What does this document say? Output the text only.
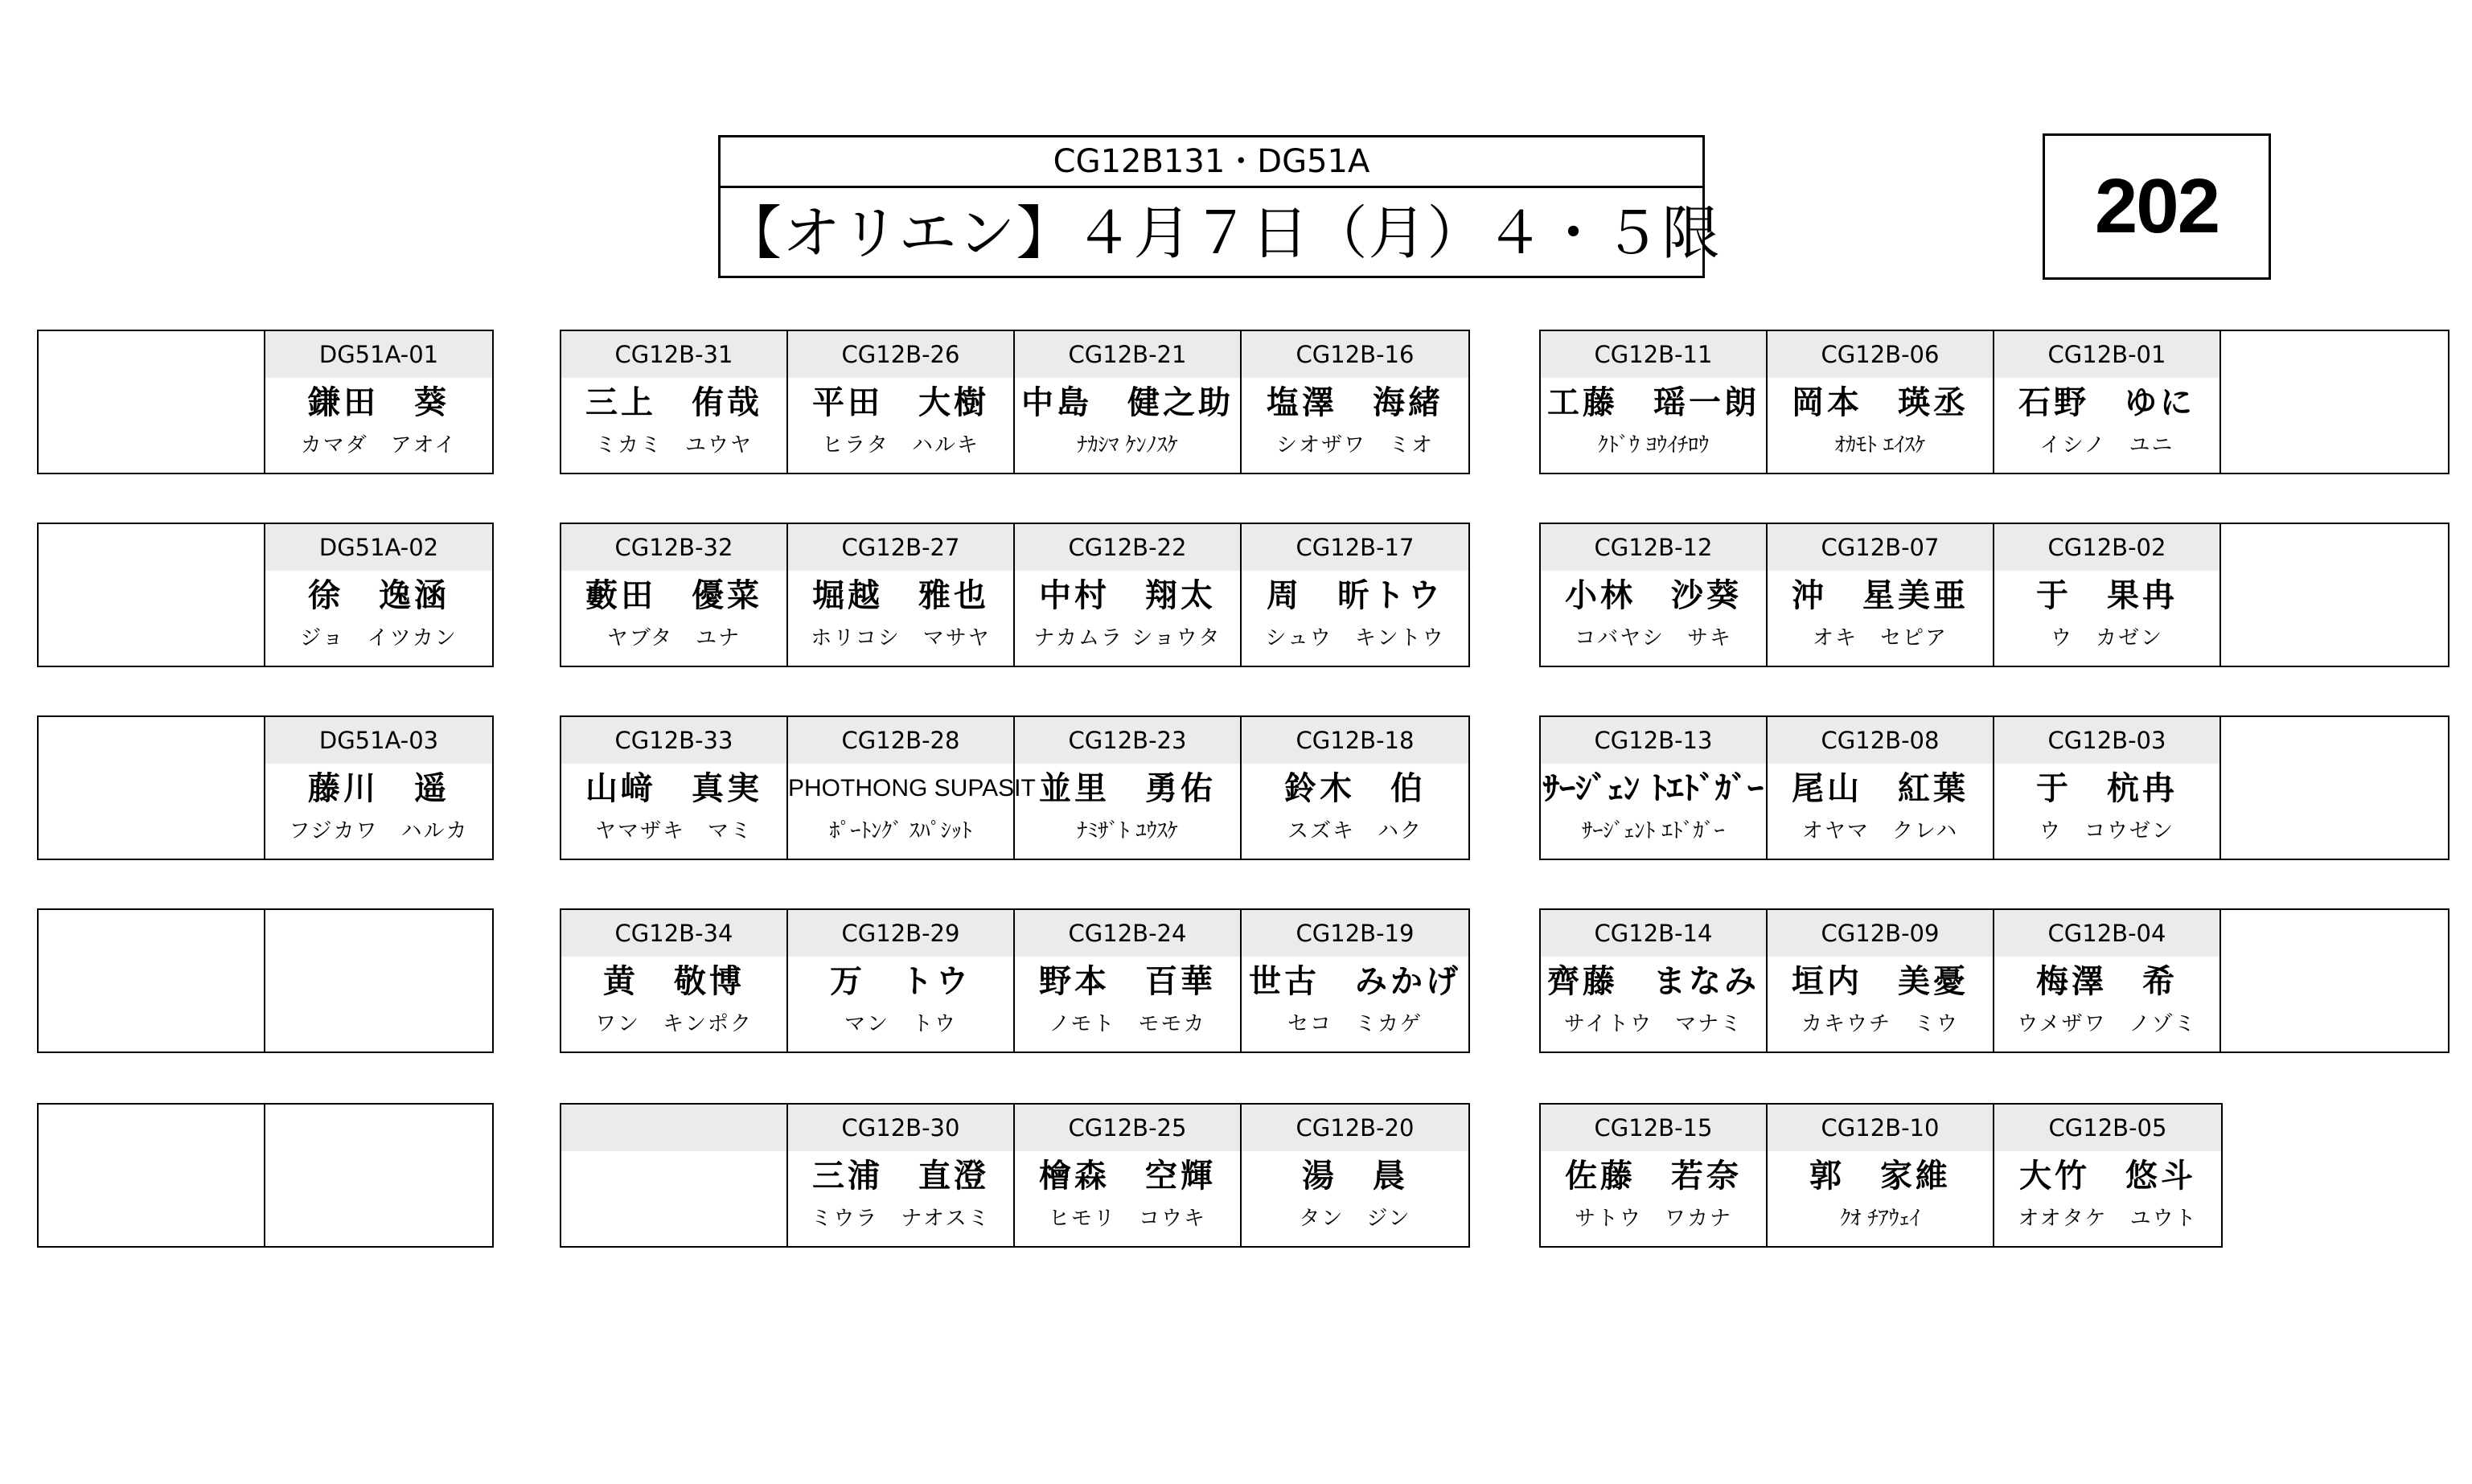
CG12B131・DG51A
【オリエン】４月７日（月）４・５限	202
DG51A-01
鎌田　葵
カマダ　アオイ
CG12B-31
三上　侑哉
ミカミ　ユウヤ
CG12B-26
平田　大樹
ヒラタ　ハルキ
CG12B-21
中島　健之助
ﾅｶｼﾏ ｹﾝﾉｽｹ
CG12B-16
塩澤　海緒
シオザワ　ミオ
CG12B-11
工藤　瑶一朗
ｸﾄﾞｳ ﾖｳｲﾁﾛｳ
CG12B-06
岡本　瑛丞
ｵｶﾓﾄ ｴｲｽｹ
CG12B-01
石野　ゆに
イシノ　ユニ
DG51A-02
徐　逸涵
ジョ　イツカン
CG12B-32
藪田　優菜
ヤブタ　ユナ
CG12B-27
堀越　雅也
ホリコシ　マサヤ
CG12B-22
中村　翔太
ナカムラ ショウタ
CG12B-17
周　昕トウ
シュウ　キントウ
CG12B-12
小林　沙葵
コバヤシ　サキ
CG12B-07
沖　星美亜
オキ　セピア
CG12B-02
于　果冉
ウ　カゼン
DG51A-03
藤川　遥
フジカワ　ハルカ
CG12B-33
山﨑　真実
ヤマザキ　マミ
CG12B-28
PHOTHONG SUPASIT
ﾎﾟｰﾄﾝｸﾞ ｽﾊﾟｼｯﾄ
CG12B-23
並里　勇佑
ﾅﾐｻﾞﾄ ﾕｳｽｹ
CG12B-18
鈴木　伯
スズキ　ハク
CG12B-13
ｻｰｼﾞｪﾝ ﾄｴﾄﾞｶﾞｰ
ｻｰｼﾞｪﾝﾄ ｴﾄﾞｶﾞｰ
CG12B-08
尾山　紅葉
オヤマ　クレハ
CG12B-03
于　杭冉
ウ　コウゼン
CG12B-34
黄　敬博
ワン　キンポク
CG12B-29
万　トウ
マン　トウ
CG12B-24
野本　百華
ノモト　モモカ
CG12B-19
世古　みかげ
セコ　ミカゲ
CG12B-14
齊藤　まなみ
サイトウ　マナミ
CG12B-09
垣内　美憂
カキウチ　ミウ
CG12B-04
梅澤　希
ウメザワ　ノゾミ
CG12B-30
三浦　直澄
ミウラ　ナオスミ
CG12B-25
檜森　空輝
ヒモリ　コウキ
CG12B-20
湯　晨
タン　ジン
CG12B-15
佐藤　若奈
サトウ　ワカナ
CG12B-10
郭　家維
ｸｵ ﾁｱｳｪｲ
CG12B-05
大竹　悠斗
オオタケ　ユウト
